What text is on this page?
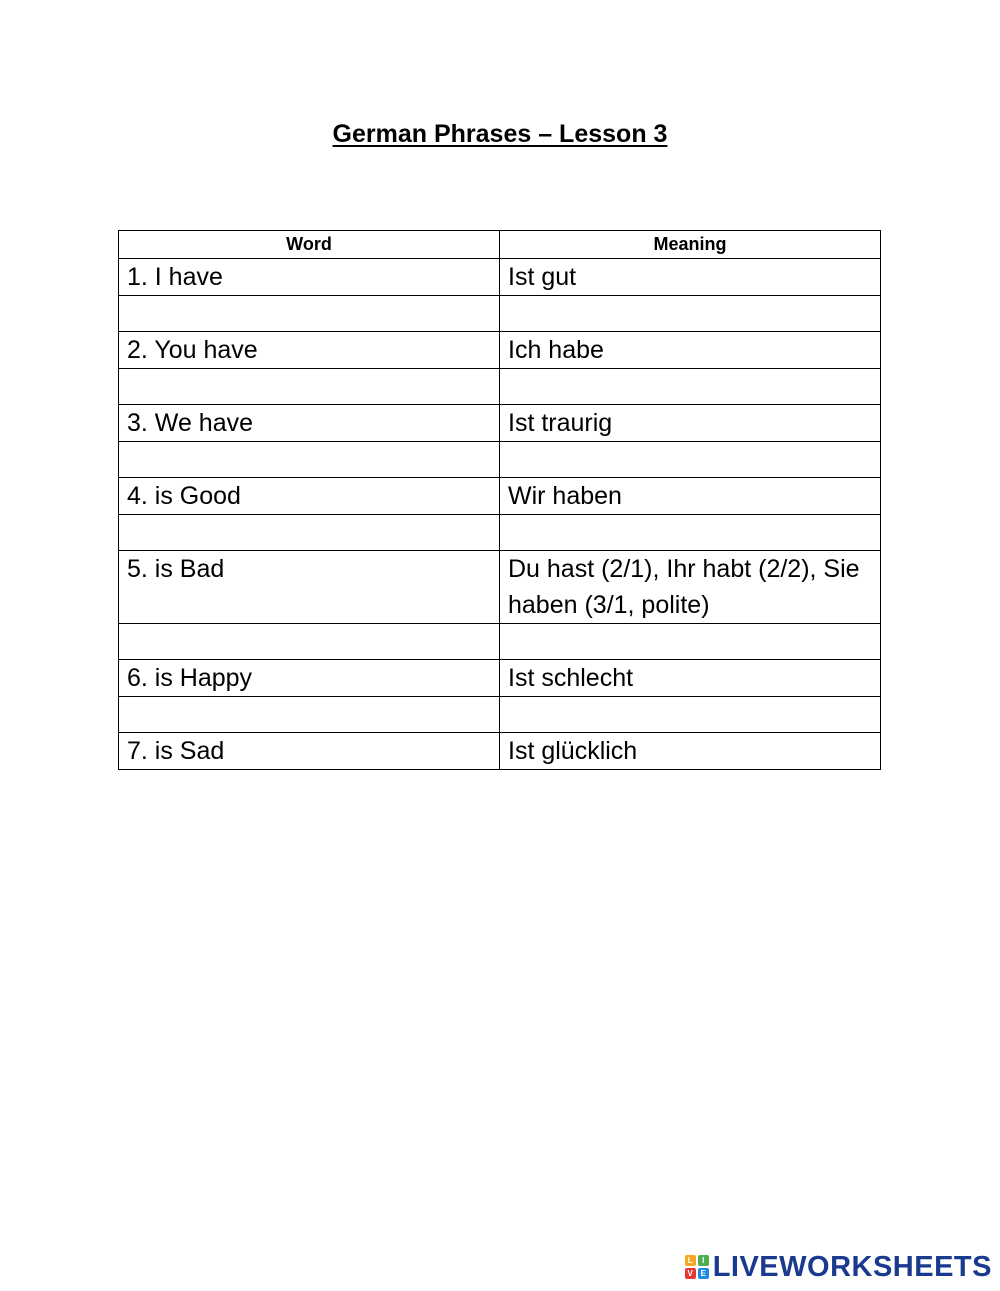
German Phrases – Lesson 3
Word	Meaning
1. I have	Ist gut

2. You have	Ich habe

3. We have	Ist traurig

4. is Good	Wir haben

5. is Bad	Du hast (2/1), Ihr habt (2/2), Sie haben (3/1, polite)

6. is Happy	Ist schlecht

7. is Sad	Ist glücklich
L	I
V E LIVEWORKSHEETS
